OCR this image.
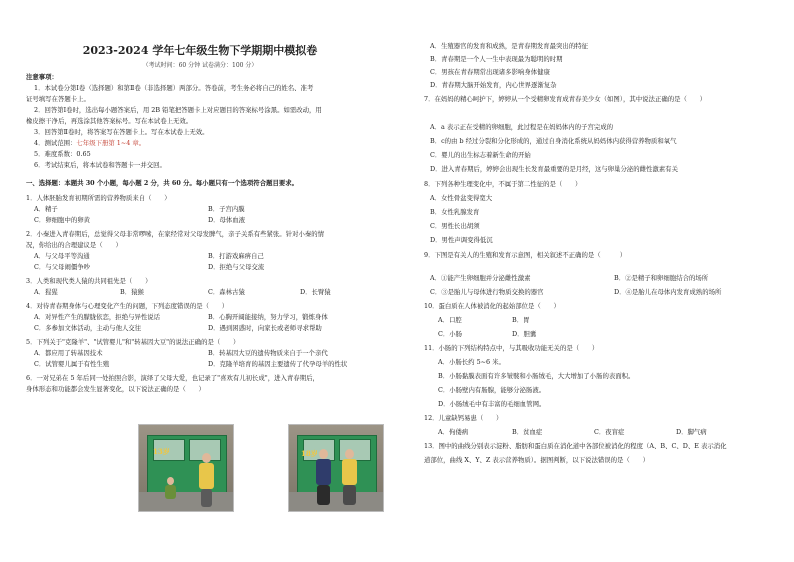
2023-2024 学年七年级生物下学期期中模拟卷
（考试时间：60 分钟 试卷满分：100 分）
注意事项：
1．本试卷分第Ⅰ卷（选择题）和第Ⅱ卷（非选择题）两部分。答卷前，考生务必将自己的姓名、准考
证号填写在答题卡上。
2．回答第Ⅰ卷时，选出每小题答案后，用 2B 铅笔把答题卡上对应题目的答案标号涂黑。如需改动，用
橡皮擦干净后，再选涂其他答案标号。写在本试卷上无效。
3．回答第Ⅱ卷时，将答案写在答题卡上。写在本试卷上无效。
4．测试范围：七年级下册第 1~4 章。
5．难度系数：0.65
6．考试结束后，将本试卷和答题卡一并交回。
一、选择题：本题共 30 个小题，每小题 2 分，共 60 分。每小题只有一个选项符合题目要求。
1．人体胚胎发育初期所需的营养物质来自（　　）
A．精子	B．子宫内膜
C．卵细胞中的卵黄	D．母体血液
2．小秦进入青春期后，总觉得父母非常啰嗦，在家经常对父母发脾气，亲子关系有些紧张。针对小秦的情
况，你给出的合理建议是（　　）
A．与父母平等沟通	B．打游戏麻痹自己
C．与父母闹僵争吵	D．拒绝与父母交流
3．人类和现代类人猿的共同祖先是（　　）
A．猩猩	B．猿猴	C．森林古猿	D．长臂猿
4．对待青春期身体与心理变化产生的问题，下列态度错误的是（　　）
A．对异性产生的朦胧依恋，拒绝与异性说话	B．心胸开阔能接纳，努力学习，锻炼身体
C．多参加文体活动，主动与他人交往	D．遇到困惑时，向家长或老师寻求帮助
5．下列关于"克隆羊"、"试管婴儿"和"转基因大豆"的说法正确的是（　　）
A．都应用了转基因技术	B．转基因大豆的遗传物质来自于一个亲代
C．试管婴儿属于有性生殖	D．克隆羊培育的基因主要遗传了代孕母羊的性状
6．一对兄弟在 5 年后同一处拍照合影，演绎了父母大爱，也记录了"喜欢有儿初长成"，进入青春期后，
身体形态和功能都会发生显著变化，以下说法正确的是（　　）
13岁	18岁
A．生殖器官的发育和成熟，是青春期发育最突出的特征
B．青春期是一个人一生中表现最为聪明的时期
C．男孩在青春期常出现诸多影响身体健康
D．青春期大脑开始发育，内心世界逐渐复杂
7．在妈妈的精心呵护下，婷婷从一个受精卵发育成青春美少女（如图），其中说法正确的是（　　）
A．a 表示正在受精的卵细胞，此过程是在妈妈体内的子宫完成的
B．c的由 b 经过分裂和分化形成的，通过自身消化系统从妈妈体内获得营养物质和氧气
C．婴儿的出生标志着新生命的开始
D．进入青春期后，婷婷会出现生长发育最重要的是月经，这与卵巢分泌的雌性激素有关
8．下列各种生理变化中，不属于第二性征的是（　　）
A．女性骨盆变得宽大
B．女性乳腺发育
C．男性长出胡须
D．男性声调变得低沉
9．下图是有关人的生殖和发育示意图，相关叙述不正确的是（　　　）
A．①能产生卵细胞并分泌雌性激素	B．②是精子和卵细胞结合的场所
C．③是胎儿与母体进行物质交换的器官	D．④是胎儿在母体内发育成熟的场所
10．蛋白质在人体被消化的起始部位是（　　）
A．口腔	B．胃
C．小肠	D．胆囊
11．小肠的下列结构特点中，与其吸收功能无关的是（　　）
A．小肠长约 5~6 米。
B．小肠黏膜表面有许多皱襞和小肠绒毛，大大增加了小肠的表面积。
C．小肠壁内有肠腺，能够分泌肠液。
D．小肠绒毛中有丰富的毛细血管网。
12．儿童缺钙易患（　　）
A．佝偻病	B．贫血症	C．夜盲症	D．脚气病
13．图中的曲线分别表示淀粉、脂肪和蛋白质在消化道中各部位被消化的程度（A、B、C、D、E 表示消化
道部位，曲线 X、Y、Z 表示营养物质）。据图判断，以下说法错误的是（　　）
